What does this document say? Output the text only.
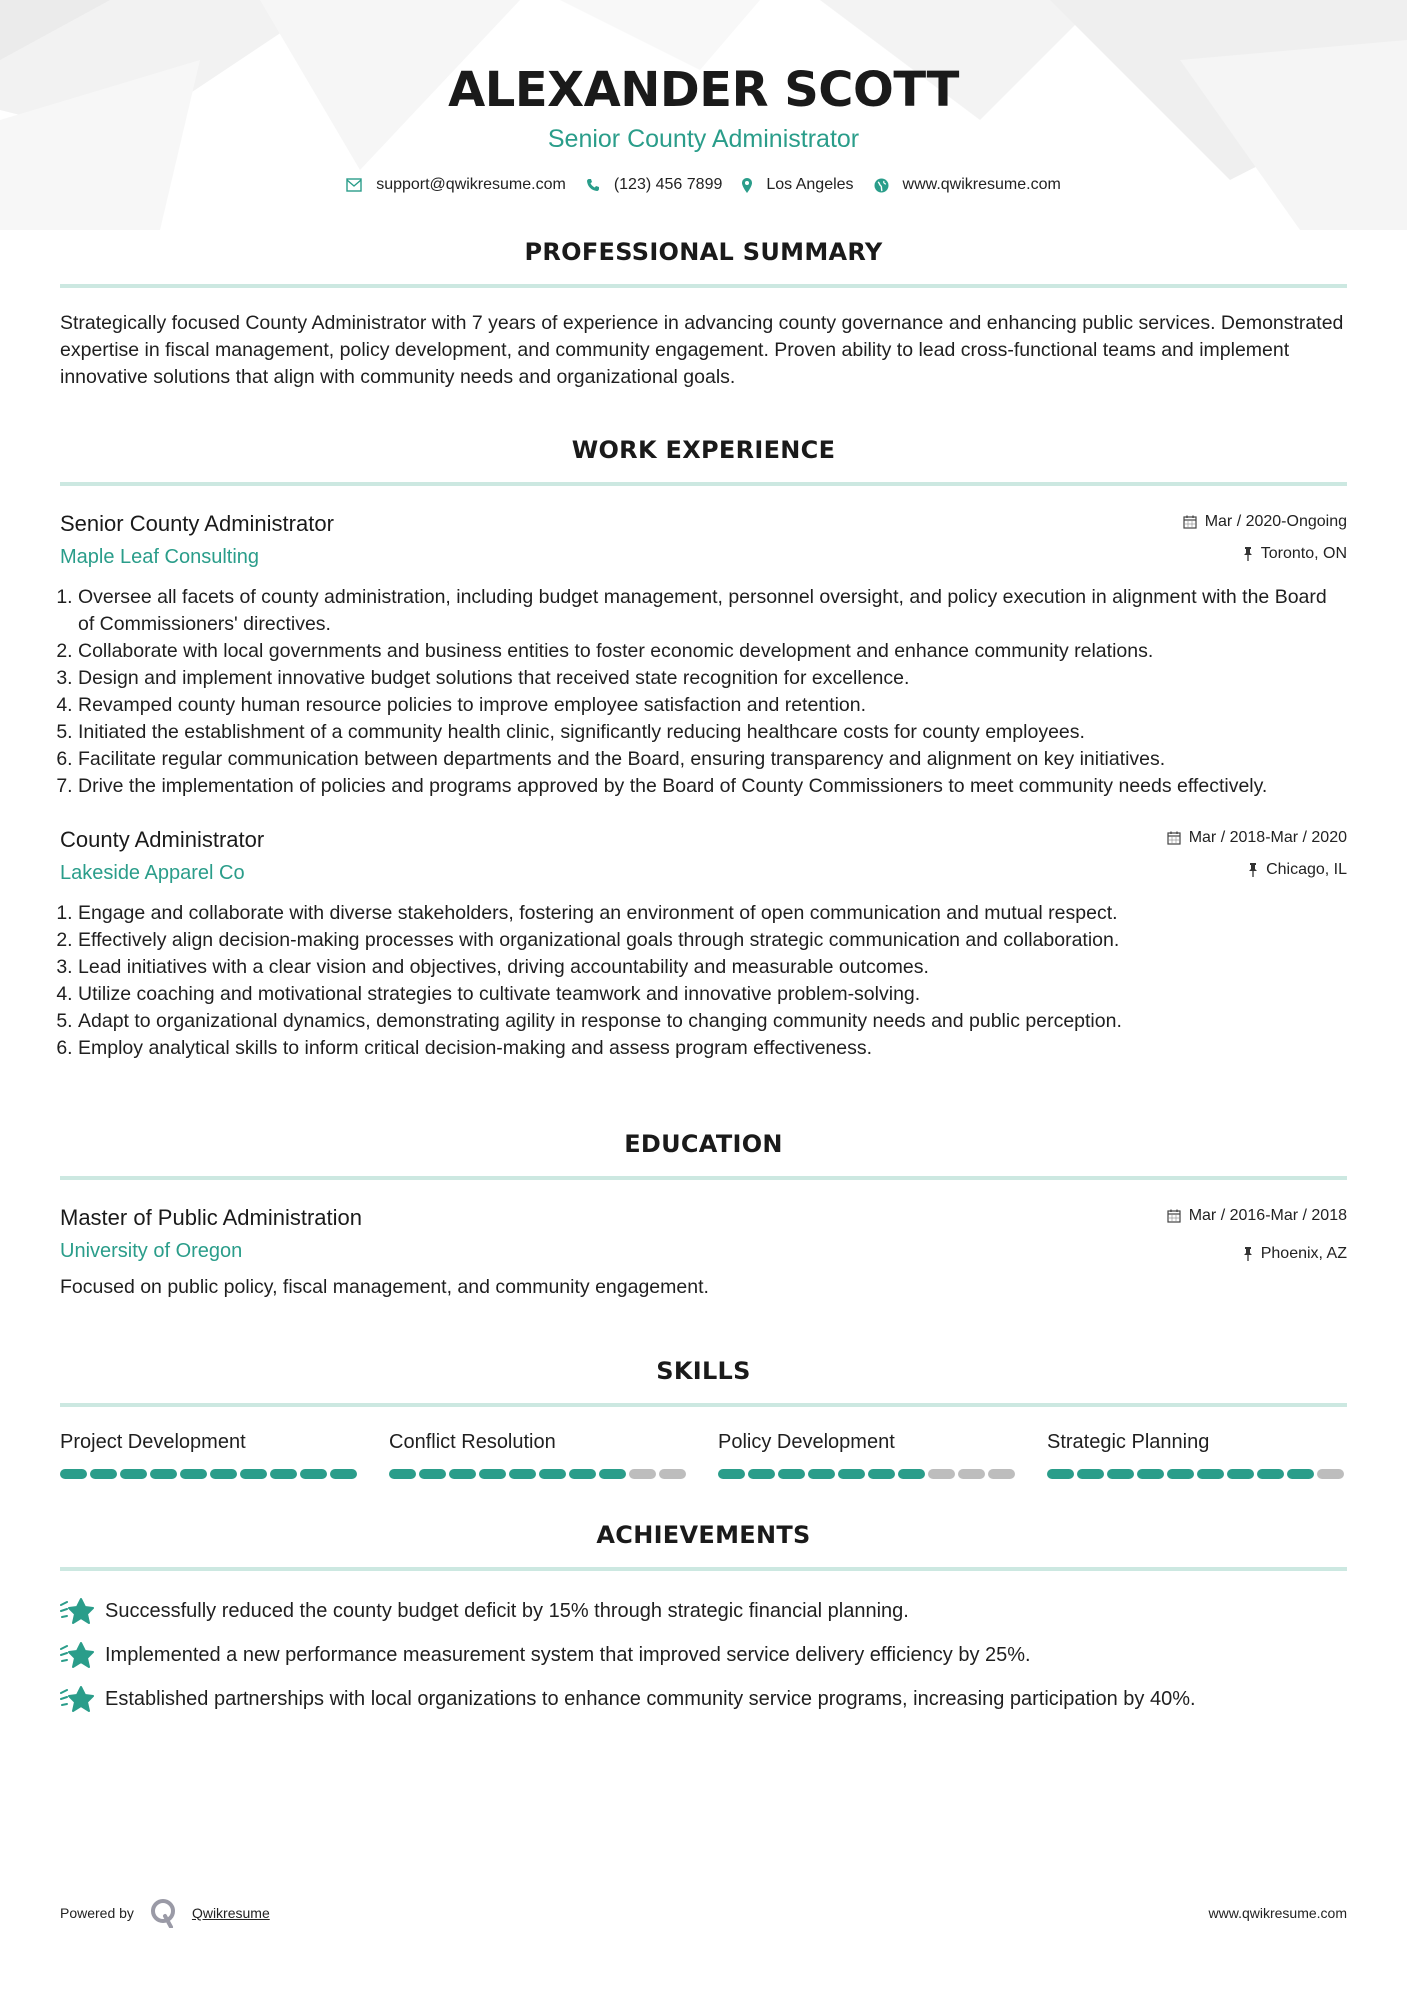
ALEXANDER SCOTT
Senior County Administrator
support@qwikresume.com	(123) 456 7899	Los Angeles	www.qwikresume.com
PROFESSIONAL SUMMARY
Strategically focused County Administrator with 7 years of experience in advancing county governance and enhancing public services. Demonstrated expertise in fiscal management, policy development, and community engagement. Proven ability to lead cross-functional teams and implement innovative solutions that align with community needs and organizational goals.
WORK EXPERIENCE
Senior County Administrator
Maple Leaf Consulting
Mar / 2020-Ongoing
Toronto, ON
1. Oversee all facets of county administration, including budget management, personnel oversight, and policy execution in alignment with the Board of Commissioners' directives.
2. Collaborate with local governments and business entities to foster economic development and enhance community relations.
3. Design and implement innovative budget solutions that received state recognition for excellence.
4. Revamped county human resource policies to improve employee satisfaction and retention.
5. Initiated the establishment of a community health clinic, significantly reducing healthcare costs for county employees.
6. Facilitate regular communication between departments and the Board, ensuring transparency and alignment on key initiatives.
7. Drive the implementation of policies and programs approved by the Board of County Commissioners to meet community needs effectively.
County Administrator
Lakeside Apparel Co
Mar / 2018-Mar / 2020
Chicago, IL
1. Engage and collaborate with diverse stakeholders, fostering an environment of open communication and mutual respect.
2. Effectively align decision-making processes with organizational goals through strategic communication and collaboration.
3. Lead initiatives with a clear vision and objectives, driving accountability and measurable outcomes.
4. Utilize coaching and motivational strategies to cultivate teamwork and innovative problem-solving.
5. Adapt to organizational dynamics, demonstrating agility in response to changing community needs and public perception.
6. Employ analytical skills to inform critical decision-making and assess program effectiveness.
EDUCATION
Master of Public Administration
University of Oregon
Mar / 2016-Mar / 2018
Phoenix, AZ
Focused on public policy, fiscal management, and community engagement.
SKILLS
Project Development	Conflict Resolution	Policy Development	Strategic Planning
ACHIEVEMENTS
Successfully reduced the county budget deficit by 15% through strategic financial planning.
Implemented a new performance measurement system that improved service delivery efficiency by 25%.
Established partnerships with local organizations to enhance community service programs, increasing participation by 40%.
Powered by	Qwikresume	www.qwikresume.com
